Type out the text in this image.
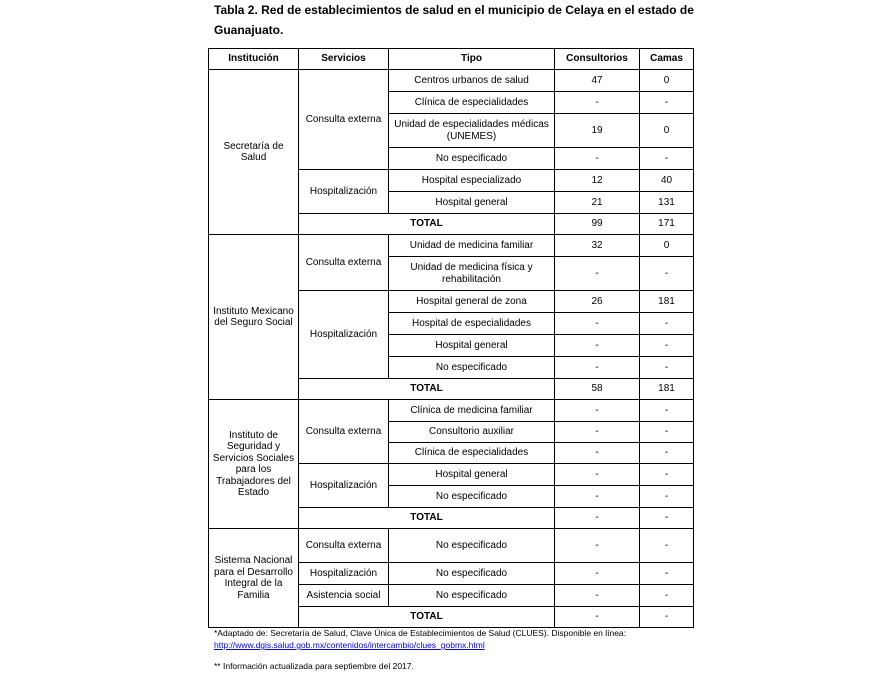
Tabla 2. Red de establecimientos de salud en el municipio de Celaya en el estado de Guanajuato.

Institución	Servicios	Tipo	Consultorios	Camas
Secretaría de Salud	Consulta externa	Centros urbanos de salud	47	0
		Clínica de especialidades	-	-
		Unidad de especialidades médicas (UNEMES)	19	0
		No especificado	-	-
	Hospitalización	Hospital especializado	12	40
		Hospital general	21	131
	TOTAL		99	171
Instituto Mexicano del Seguro Social	Consulta externa	Unidad de medicina familiar	32	0
		Unidad de medicina física y rehabilitación	-	-
	Hospitalización	Hospital general de zona	26	181
		Hospital de especialidades	-	-
		Hospital general	-	-
		No especificado	-	-
	TOTAL		58	181
Instituto de Seguridad y Servicios Sociales para los Trabajadores del Estado	Consulta externa	Clínica de medicina familiar	-	-
		Consultorio auxiliar	-	-
		Clínica de especialidades	-	-
	Hospitalización	Hospital general	-	-
		No especificado	-	-
	TOTAL		-	-
Sistema Nacional para el Desarrollo Integral de la Familia	Consulta externa	No especificado	-	-
	Hospitalización	No especificado	-	-
	Asistencia social	No especificado	-	-
	TOTAL		-	-

*Adaptado de: Secretaría de Salud, Clave Única de Establecimientos de Salud (CLUES). Disponible en línea:

http://www.dgis.salud.gob.mx/contenidos/intercambio/clues_gobmx.html

** Información actualizada para septiembre del 2017.
